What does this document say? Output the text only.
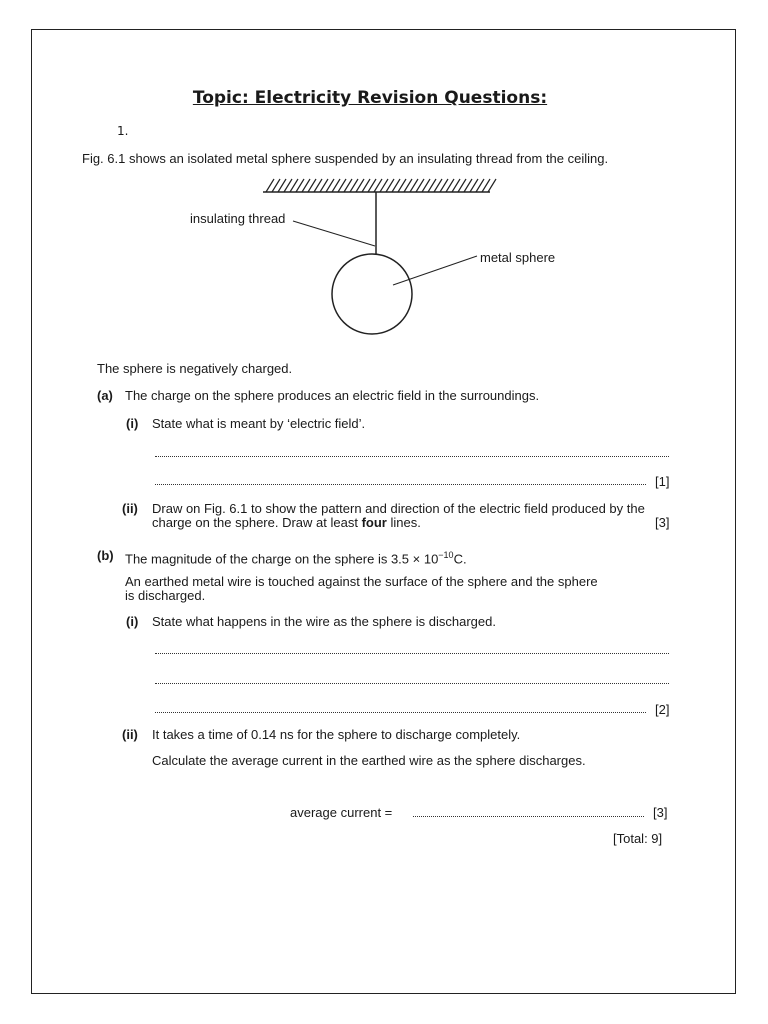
Topic: Electricity Revision Questions:
1.
Fig. 6.1 shows an isolated metal sphere suspended by an insulating thread from the ceiling.
insulating thread
metal sphere
The sphere is negatively charged.
(a) The charge on the sphere produces an electric field in the surroundings.
(i) State what is meant by ‘electric field’.
[1]
(ii) Draw on Fig. 6.1 to show the pattern and direction of the electric field produced by the
charge on the sphere. Draw at least four lines.	[3]
(b) The magnitude of the charge on the sphere is $3.5 \times 10^{-10}C$.
An earthed metal wire is touched against the surface of the sphere and the sphere
is discharged.
(i) State what happens in the wire as the sphere is discharged.
[2]
(ii) It takes a time of 0.14 ns for the sphere to discharge completely.
Calculate the average current in the earthed wire as the sphere discharges.
average current =	[3]
[Total: 9]
